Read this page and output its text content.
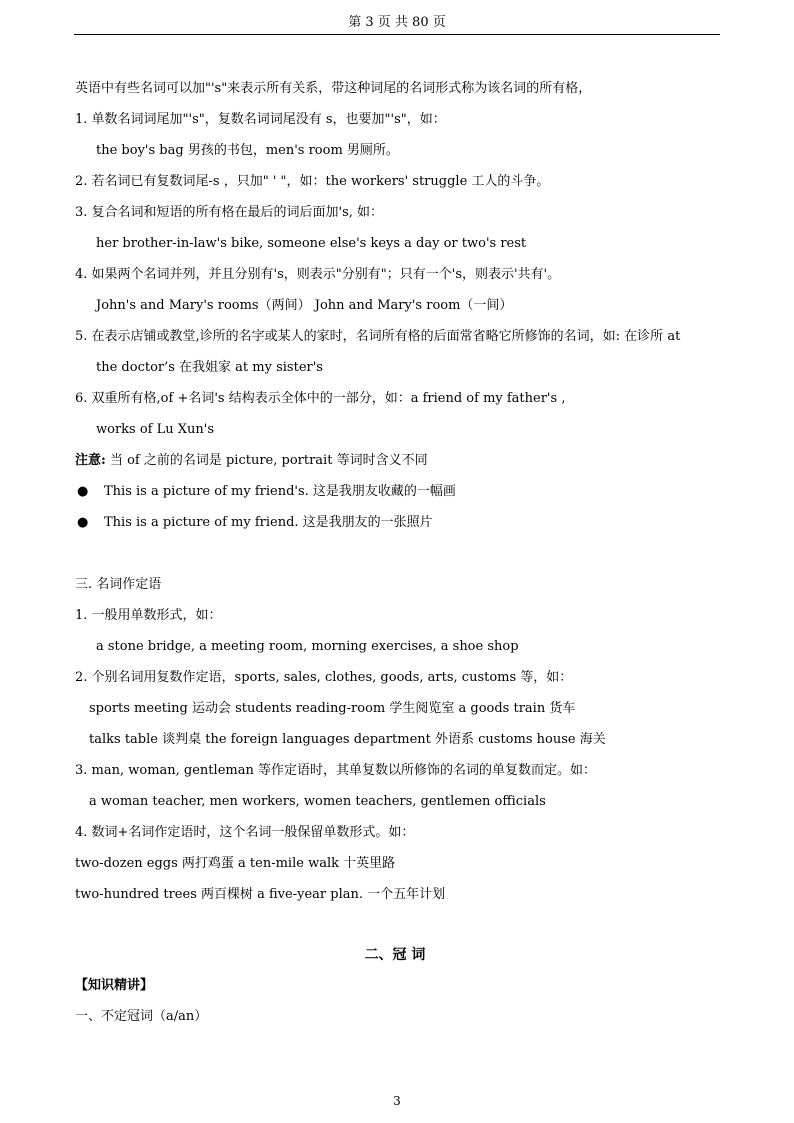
第 3 页 共 80 页
英语中有些名词可以加"'s"来表示所有关系，带这种词尾的名词形式称为该名词的所有格，
1. 单数名词词尾加"'s"，复数名词词尾没有 s，也要加"'s"，如：
the boy's bag 男孩的书包，men's room 男厕所。
2. 若名词已有复数词尾-s ，只加" ' "，如：the workers' struggle 工人的斗争。
3. 复合名词和短语的所有格在最后的词后面加's, 如：
her brother-in-law's bike, someone else's keys a day or two's rest
4. 如果两个名词并列，并且分别有's，则表示"分别有"；只有一个's，则表示'共有'。
John's and Mary's rooms（两间） John and Mary's room（一间）
5. 在表示店铺或教堂,诊所的名字或某人的家时，名词所有格的后面常省略它所修饰的名词，如: 在诊所 at
the doctor’s 在我姐家 at my sister's
6. 双重所有格,of +名词's 结构表示全体中的一部分，如：a friend of my father's ,
works of Lu Xun's
注意: 当 of 之前的名词是 picture, portrait 等词时含义不同
● This is a picture of my friend's. 这是我朋友收藏的一幅画
● This is a picture of my friend. 这是我朋友的一张照片
三. 名词作定语
1. 一般用单数形式，如：
a stone bridge, a meeting room, morning exercises, a shoe shop
2. 个别名词用复数作定语，sports, sales, clothes, goods, arts, customs 等，如：
sports meeting 运动会 students reading-room 学生阅览室 a goods train 货车
talks table 谈判桌 the foreign languages department 外语系 customs house 海关
3. man, woman, gentleman 等作定语时，其单复数以所修饰的名词的单复数而定。如：
a woman teacher, men workers, women teachers, gentlemen officials
4. 数词+名词作定语时，这个名词一般保留单数形式。如：
two-dozen eggs 两打鸡蛋 a ten-mile walk 十英里路
two-hundred trees 两百棵树 a five-year plan. 一个五年计划
二、冠 词
【知识精讲】
一、不定冠词（a/an）
3
